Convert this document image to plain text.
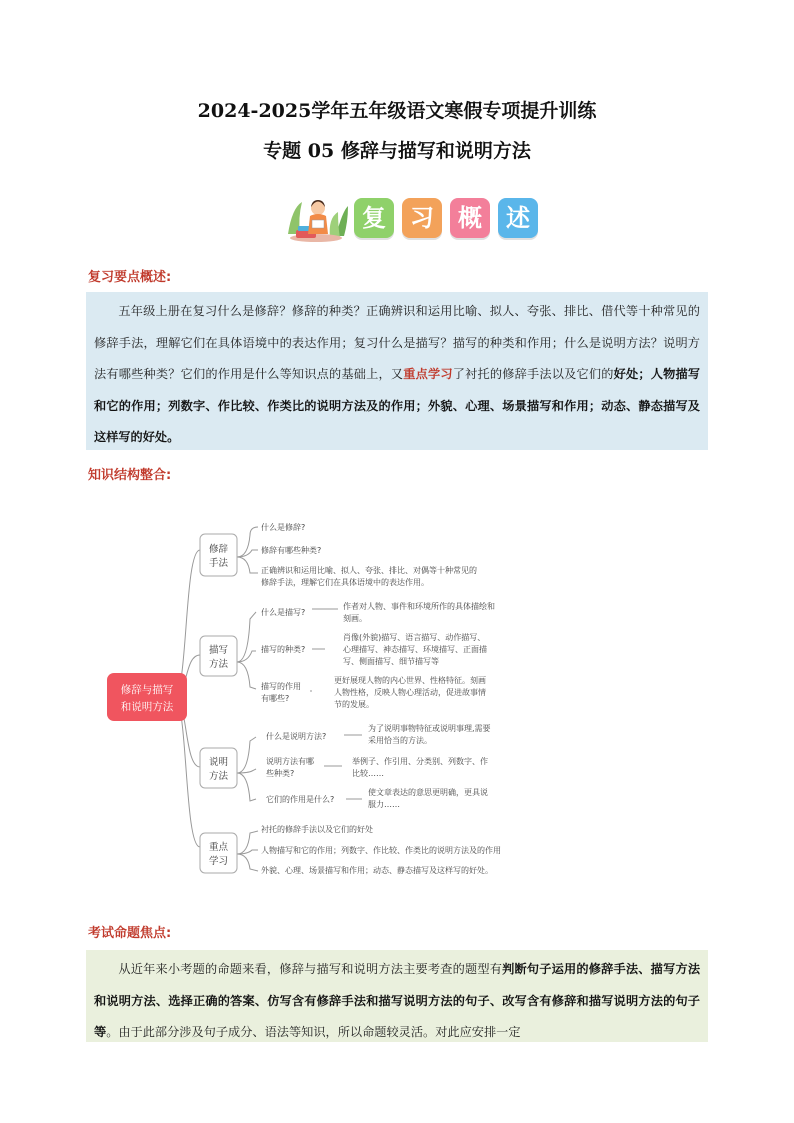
2024-2025学年五年级语文寒假专项提升训练
专题 05 修辞与描写和说明方法
复	习	概	述
复习要点概述:

五年级上册在复习什么是修辞？修辞的种类？正确辨识和运用比喻、拟人、夸张、排比、借代等十种常见的修辞手法，理解它们在具体语境中的表达作用；复习什么是描写？描写的种类和作用；什么是说明方法？说明方法有哪些种类？它们的作用是什么等知识点的基础上，又重点学习了衬托的修辞手法以及它们的好处；人物描写和它的作用；列数字、作比较、作类比的说明方法及的作用；外貌、心理、场景描写和作用；动态、静态描写及这样写的好处。

知识结构整合:
修辞与描写
和说明方法
修辞
手法
什么是修辞?
修辞有哪些种类?
正确辨识和运用比喻、拟人、夸张、排比、对偶等十种常见的
修辞手法，理解它们在具体语境中的表达作用。
描写
方法
什么是描写?
作者对人物、事件和环境所作的具体描绘和
刻画。
描写的种类?
肖像(外貌)描写、语言描写、动作描写、
心理描写、神态描写、环境描写、正面描
写、侧面描写、细节描写等
描写的作用
有哪些?
更好展现人物的内心世界、性格特征。刻画
人物性格，反映人物心理活动，促进故事情
节的发展。
说明
方法
什么是说明方法?
为了说明事物特征或说明事理,需要
采用恰当的方法。
说明方法有哪
些种类?
举例子、作引用、分类别、列数字、作
比较……
它们的作用是什么?
使文章表达的意思更明确，更具说
服力……
重点
学习
衬托的修辞手法以及它们的好处
人物描写和它的作用；列数字、作比较、作类比的说明方法及的作用
外貌、心理、场景描写和作用；动态、静态描写及这样写的好处。
考试命题焦点:

从近年来小考题的命题来看，修辞与描写和说明方法主要考查的题型有判断句子运用的修辞手法、描写方法和说明方法、选择正确的答案、仿写含有修辞手法和描写说明方法的句子、改写含有修辞和描写说明方法的句子等。由于此部分涉及句子成分、语法等知识，所以命题较灵活。对此应安排一定
